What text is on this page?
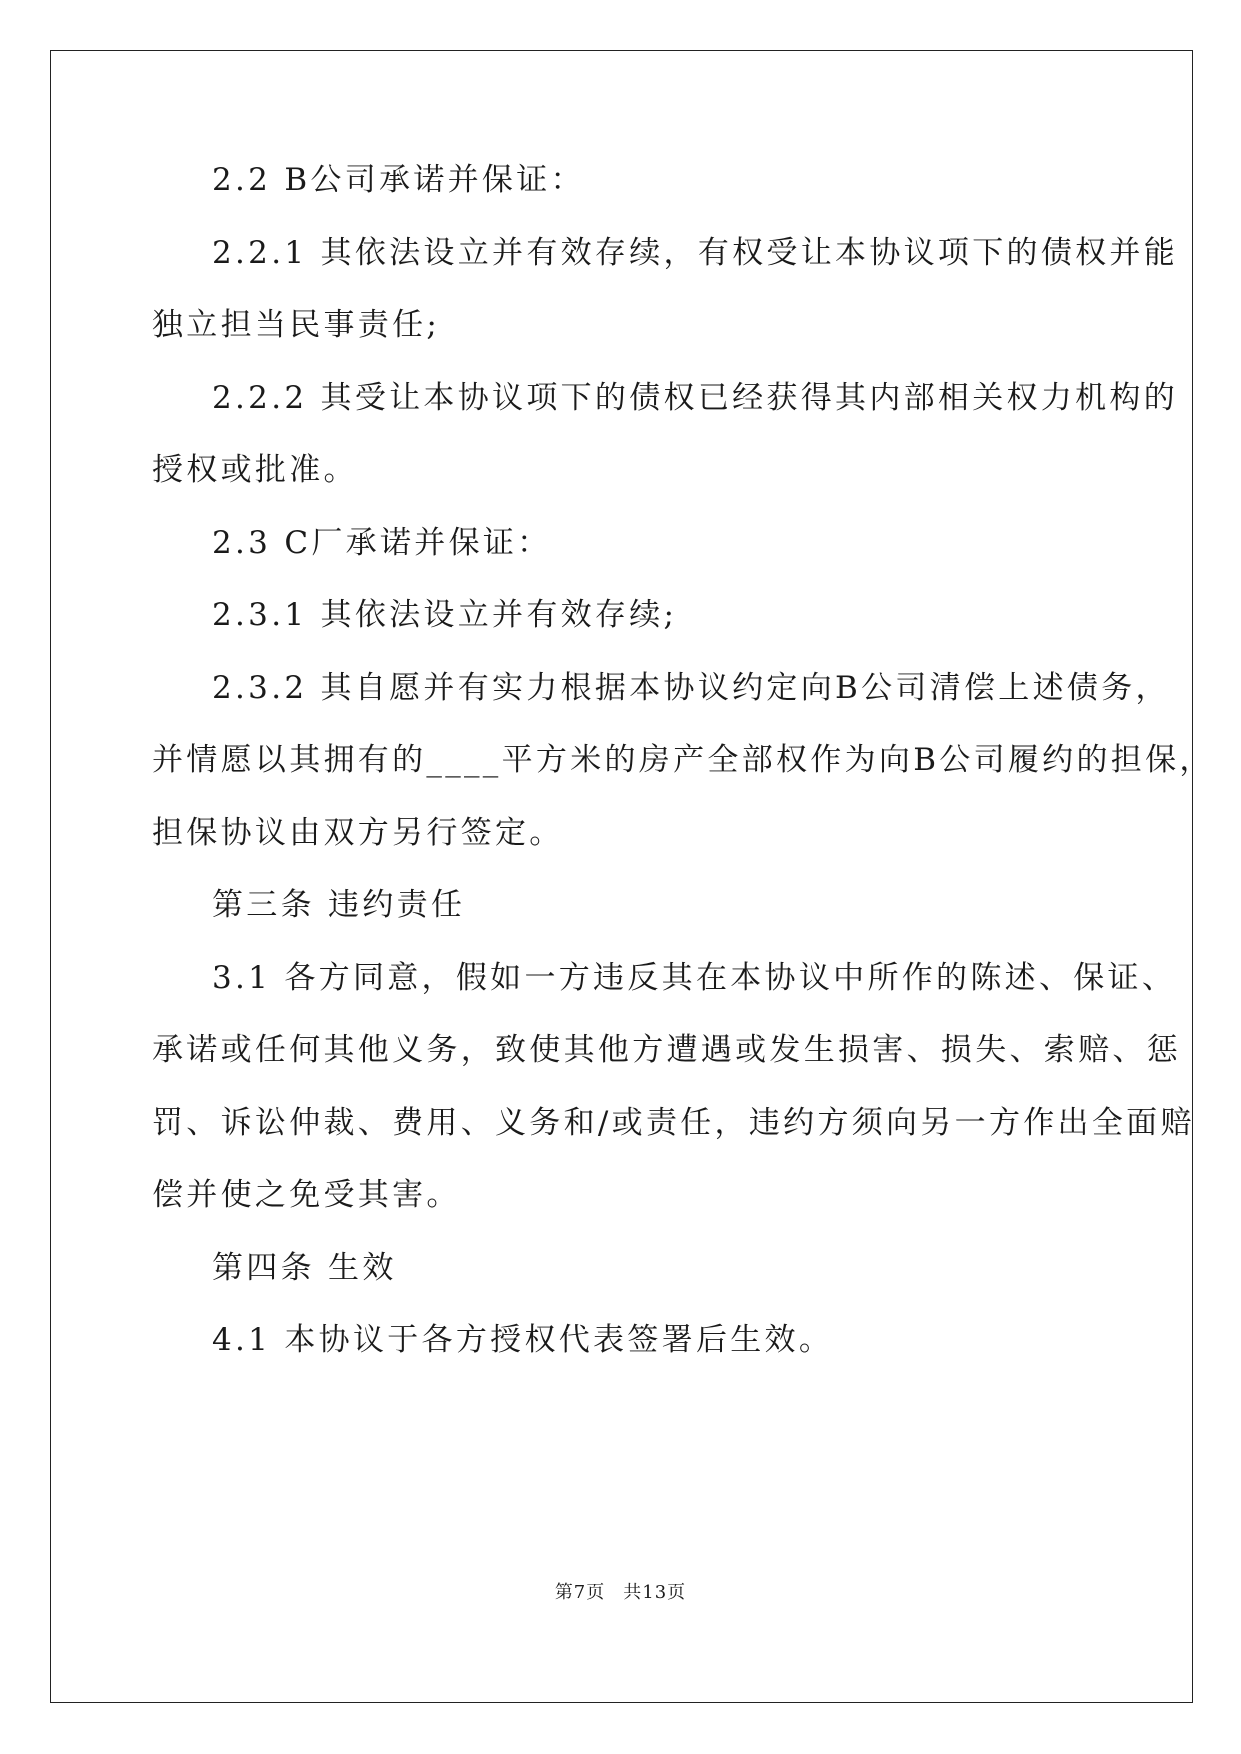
2.2 B公司承诺并保证：
2.2.1 其依法设立并有效存续，有权受让本协议项下的债权并能
独立担当民事责任;
2.2.2 其受让本协议项下的债权已经获得其内部相关权力机构的
授权或批准。
2.3 C厂承诺并保证：
2.3.1 其依法设立并有效存续;
2.3.2 其自愿并有实力根据本协议约定向B公司清偿上述债务，
并情愿以其拥有的____平方米的房产全部权作为向B公司履约的担保，
担保协议由双方另行签定。
第三条 违约责任
3.1 各方同意，假如一方违反其在本协议中所作的陈述、保证、
承诺或任何其他义务，致使其他方遭遇或发生损害、损失、索赔、惩
罚、诉讼仲裁、费用、义务和/或责任，违约方须向另一方作出全面赔
偿并使之免受其害。
第四条 生效
4.1 本协议于各方授权代表签署后生效。
第7页 共13页
